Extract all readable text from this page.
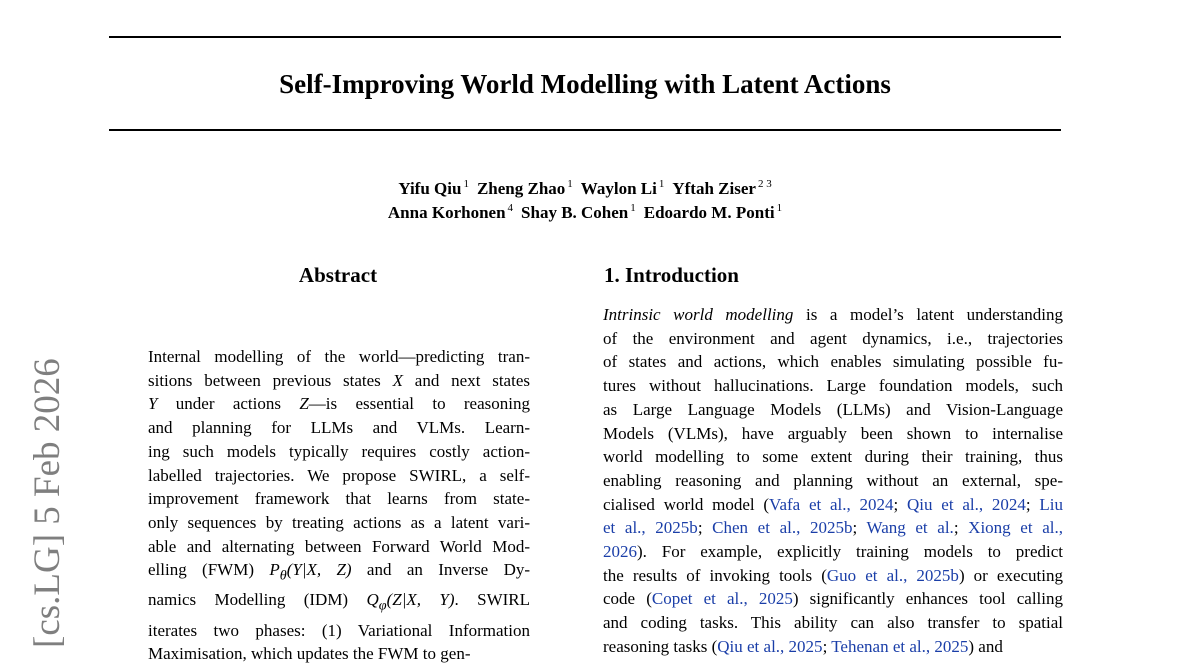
Self-Improving World Modelling with Latent Actions
Yifu Qiu $^1$ Zheng Zhao $^1$ Waylon Li $^1$ Yftah Ziser $^{2 3}$
Anna Korhonen $^4$ Shay B. Cohen $^1$ Edoardo M. Ponti $^1$
[cs.LG] 5 Feb 2026
Abstract
Internal modelling of the world—predicting tran-
sitions between previous states X and next states
Y under actions Z—is essential to reasoning
and planning for LLMs and VLMs. Learn-
ing such models typically requires costly action-
labelled trajectories. We propose SWIRL, a self-
improvement framework that learns from state-
only sequences by treating actions as a latent vari-
able and alternating between Forward World Mod-
elling (FWM) $P_\theta(Y|X$, Z) and an Inverse Dy-
namics Modelling (IDM) $Q_\varphi(Z|X$, Y). SWIRL
iterates two phases: (1) Variational Information
Maximisation, which updates the FWM to gen-
1. Introduction
Intrinsic world modelling is a model’s latent understanding
of the environment and agent dynamics, i.e., trajectories
of states and actions, which enables simulating possible fu-
tures without hallucinations. Large foundation models, such
as Large Language Models (LLMs) and Vision-Language
Models (VLMs), have arguably been shown to internalise
world modelling to some extent during their training, thus
enabling reasoning and planning without an external, spe-
cialised world model (Vafa et al., 2024; Qiu et al., 2024; Liu
et al., 2025b; Chen et al., 2025b; Wang et al.; Xiong et al.,
2026). For example, explicitly training models to predict
the results of invoking tools (Guo et al., 2025b) or executing
code (Copet et al., 2025) significantly enhances tool calling
and coding tasks. This ability can also transfer to spatial
reasoning tasks (Qiu et al., 2025; Tehenan et al., 2025) and
